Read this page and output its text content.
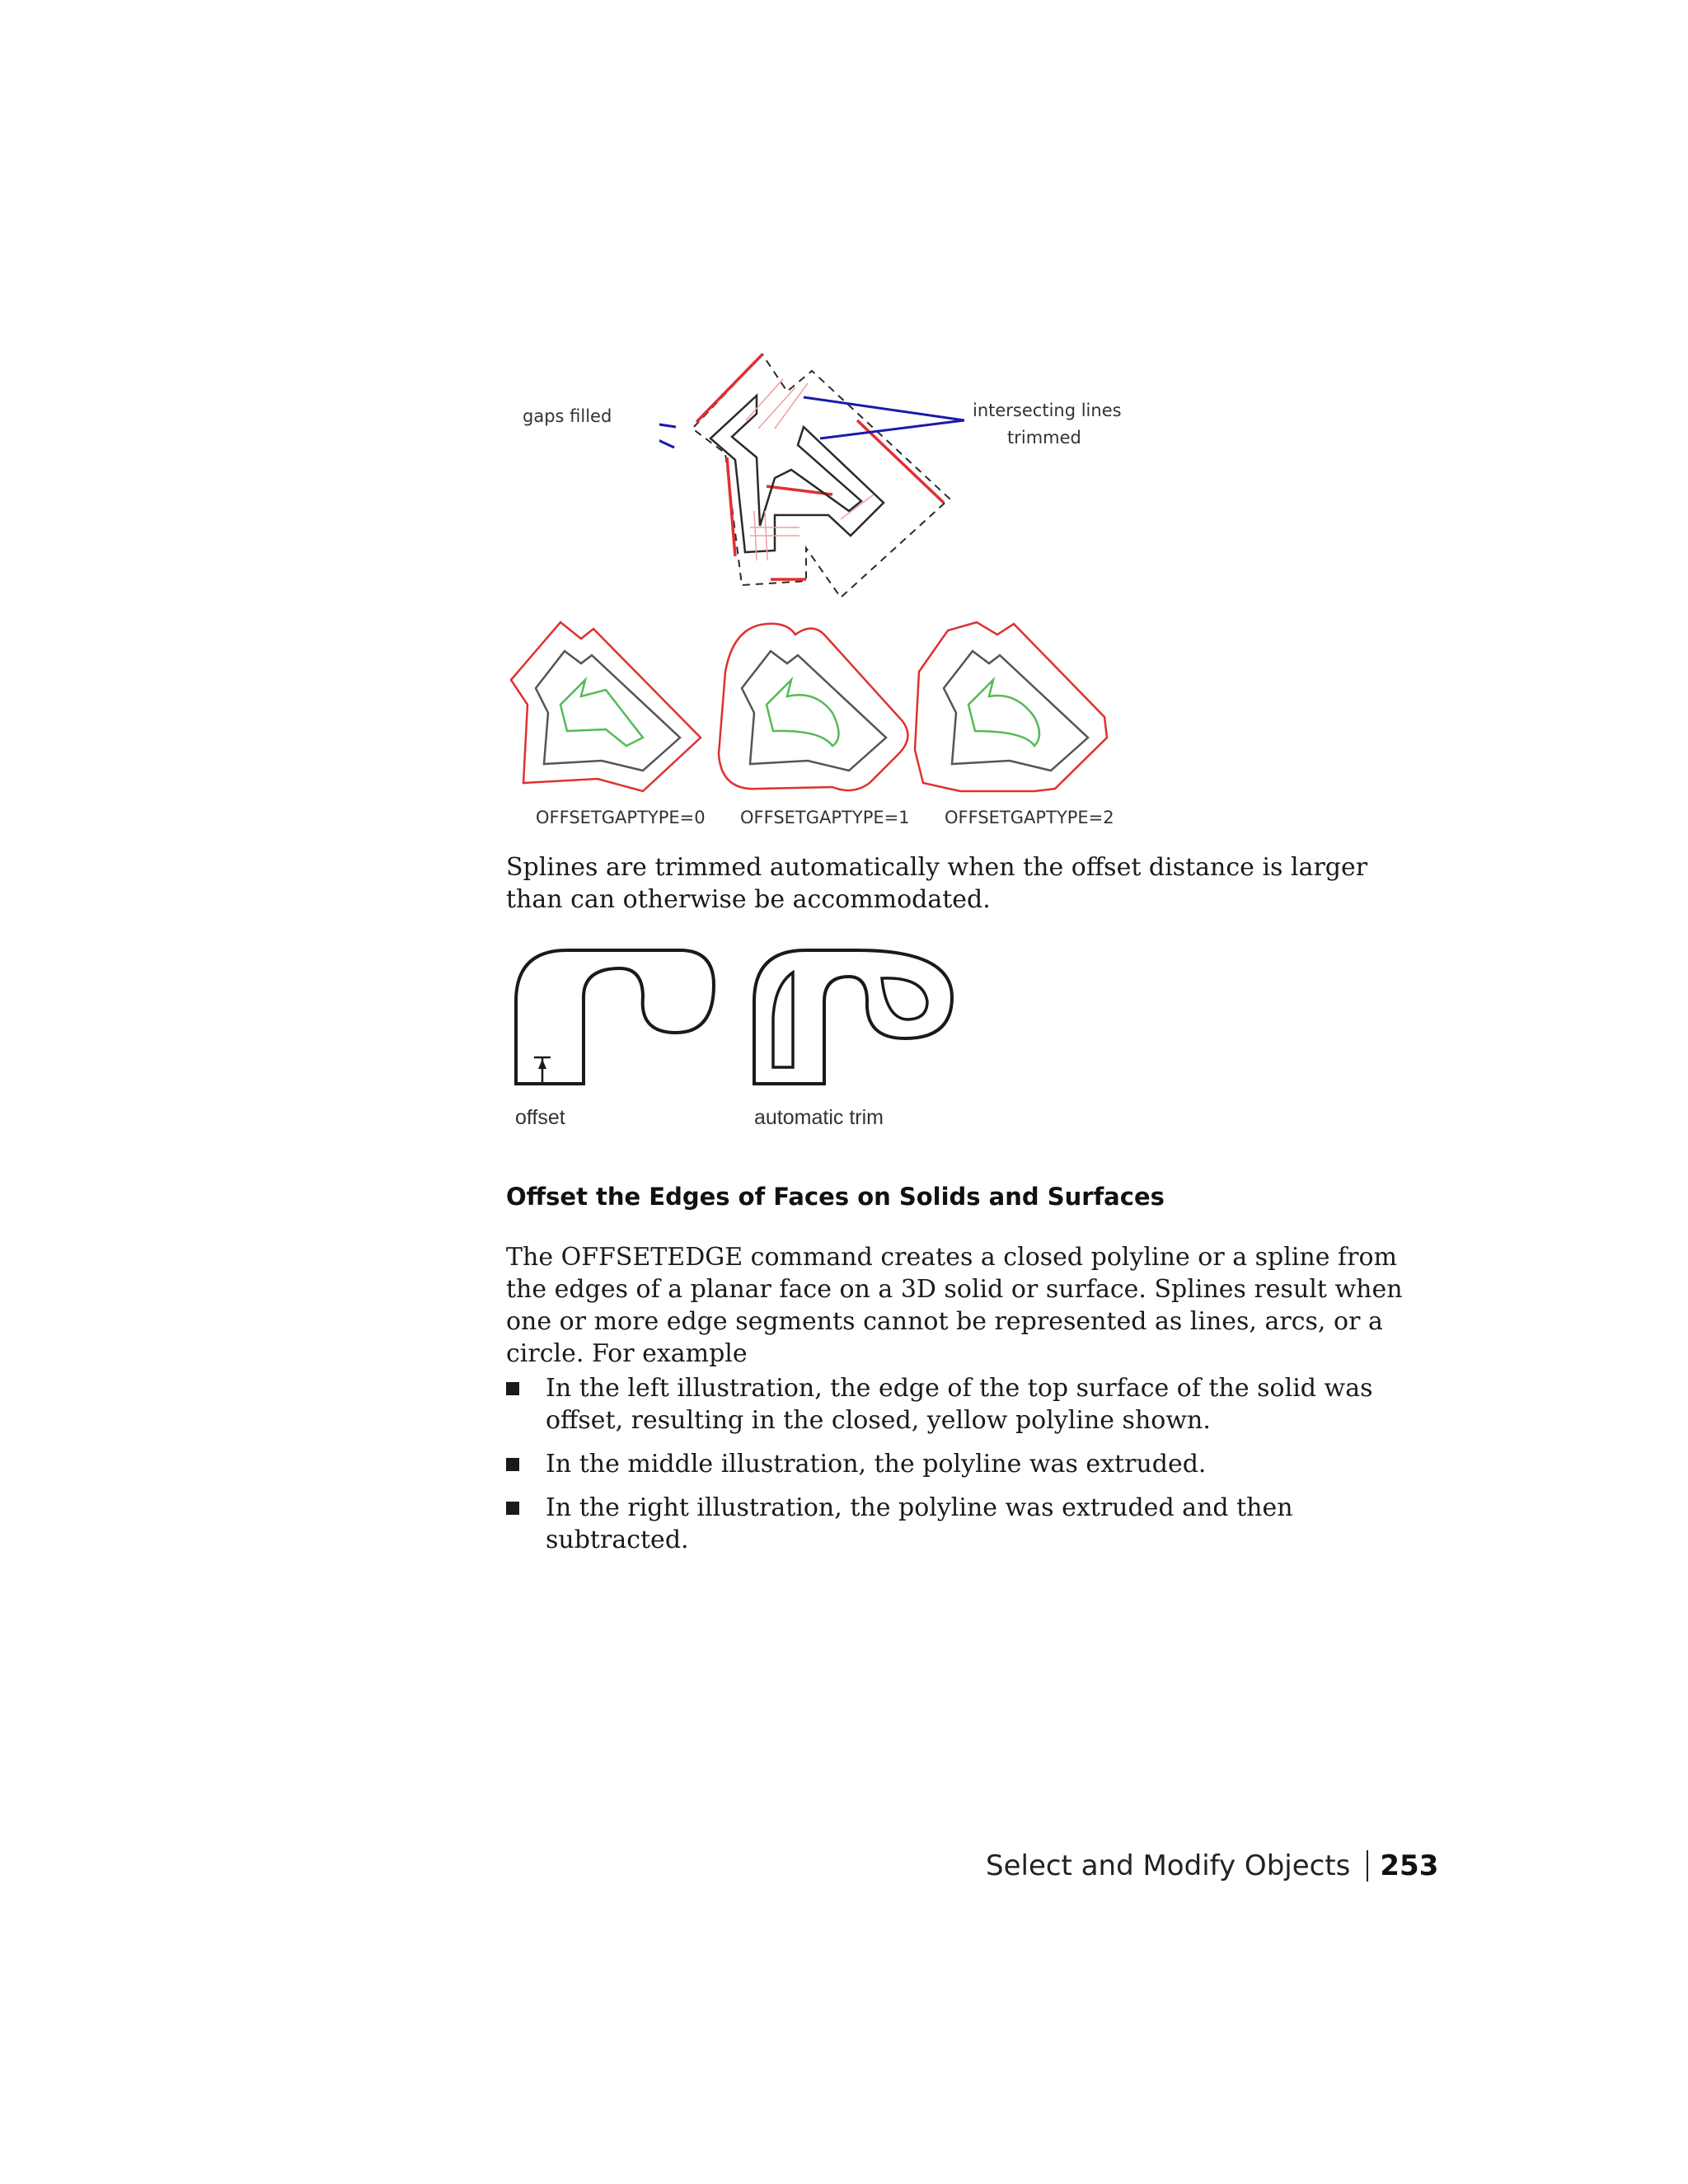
gaps filled	intersecting lines
trimmed
OFFSETGAPTYPE=0 OFFSETGAPTYPE=1 OFFSETGAPTYPE=2
Splines are trimmed automatically when the offset distance is larger than can otherwise be accommodated.
offset	automatic trim
Offset the Edges of Faces on Solids and Surfaces
The OFFSETEDGE command creates a closed polyline or a spline from the edges of a planar face on a 3D solid or surface. Splines result when one or more edge segments cannot be represented as lines, arcs, or a circle. For example
In the left illustration, the edge of the top surface of the solid was offset, resulting in the closed, yellow polyline shown.
In the middle illustration, the polyline was extruded.
In the right illustration, the polyline was extruded and then subtracted.
Select and Modify Objects 253
